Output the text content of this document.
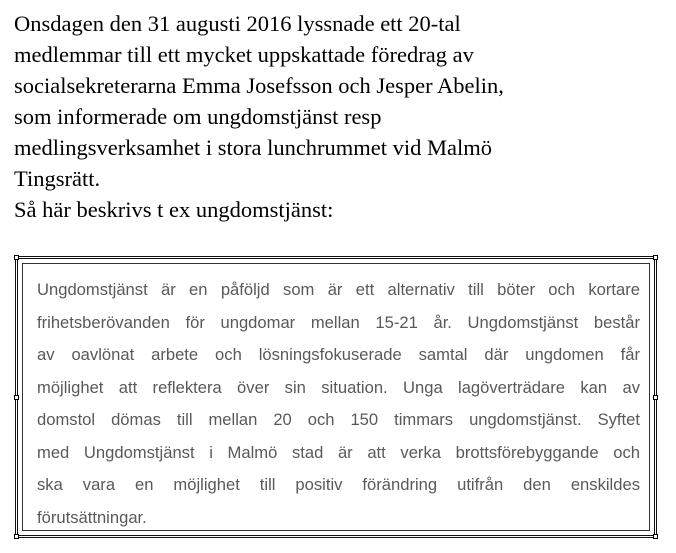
Onsdagen den 31 augusti 2016 lyssnade ett 20-tal
medlemmar till ett mycket uppskattade föredrag av
socialsekreterarna Emma Josefsson och Jesper Abelin,
som informerade om ungdomstjänst resp
medlingsverksamhet i stora lunchrummet vid Malmö
Tingsrätt.
Så här beskrivs t ex ungdomstjänst:
Ungdomstjänst är en påföljd som är ett alternativ till böter och kortare
frihetsberövanden för ungdomar mellan 15-21 år. Ungdomstjänst består
av oavlönat arbete och lösningsfokuserade samtal där ungdomen får
möjlighet att reflektera över sin situation. Unga lagöverträdare kan av
domstol dömas till mellan 20 och 150 timmars ungdomstjänst. Syftet
med Ungdomstjänst i Malmö stad är att verka brottsförebyggande och
ska vara en möjlighet till positiv förändring utifrån den enskildes
förutsättningar.
